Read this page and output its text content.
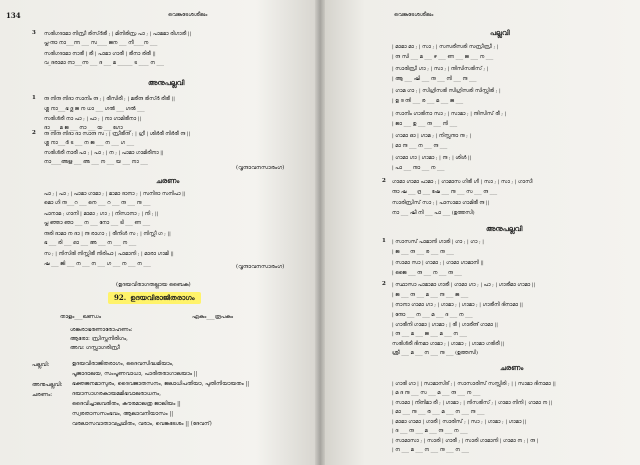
134	വെങ്കടേശശീലം
3 സരിഗദാമാ നിസ്രീ രിസ്ർരീ ; | മിനിരിസ്ര പാ ; | പാമമാ രിഗാരീ ||
പ്ല-ന്ദാ നാ___ന്ന ___ സ____ ജന ___ നീ____ന ___
സരിഗദാമാ നാരീ | രീ | പാമാ ഗാരീ | രീനാ രിരീ ||
വ_ദരാമാ നാ___ന്ന ___ ദ ___ മ ______ ട ____ ന ___
അനുപല്ലവി
1 ന്ദ നിന്ദ നിദാ സാനിം ന്ദ ; | രീസിരീ ; | മരീന്ദ രിസ്ർ രീരീ ||
ശ്ല നാ___ഭ ദ്ല ജ ന ധാ ___ ഗൽ ___ ഗൽ ___
സരിൾരീ നാ പാ ; | പാ ; | നാ ഗാമിരീനാ ||
ദാ____മ ജ ___ നാ ___ യ ___ ഗോ ___
2 ന്ദ നിന്ദ നിദാ ദാ സാന്ദ സ ; | സ്രീരീന്ദ് ; | ഗ്രീ | ശിർരീ നിർരീ ന്ദ ||
ശ്ല നാ___ർ ട ___ ന ജ ___ ന ___ ഗ ___
സരിൾരീ നാരീ പാ ; | പാ ; | ന ; | പാമാ ഗാമിരീനാ ||
നാ____അഋ ___ അ ___ ന ___ യ ___ നാ ___
(വൃന്ദാവനസാരംഗ)
ചരണം
പാ ; | പാ ; | പാമാ ഗാമാ ; | മാമാ ദാനാ ; | സനിദാ സനിപാ ||
മൊ ഗി ന്ദ___റ ___ നെ ___ റ ___ ന്ദ ___ ന്ദ ___
പാനാമ ; ഗാനി | മാമാ ; ഗാ ; | നിസാനാ ; | നി ; ||
പ്ല ഞ്ഞാ ഞാ ___ ന ___ നോ ___ ടി ___ ണ ___
ന്ദരി ദാമാ ന ദാ | ന്ദ രാഗാ ; | രീനിൾ സ ; | നിസ്സീ ഗ ; ||
ഭ ___ രി ___ ഓ ___ അ ___ ന ___ ന ___
സ ; | നിസിരി നിസ്സിരീ നിരിപാ | പാമാനി ; | മാരാ ഗാമി ||
ഷ ___ ജി ___ ന ___ ന ___ ഗ ___ ന ___ ന ___	(വൃന്ദാവനസാരംഗ)
(ഉദയവിരാഗതല്ലായ ബൈക)
92. ഉദയവിരാജിതരാഗം
താളം___ഖണ്ഡം	ഏകം___രൂപകം
ശങ്കരാഭരണാരോഹണം:
ആരോ: സ്രിസ്നനിരിഗം,
അവ: ഗസ്സാഗരിസ്രീ
പല്ലവി:	ഉദയവിരാജിതരാഗം, ദൈവസിദ്ധമിയാം,
പൂജാദാലയ, സംപൂണവാധാ, പാരിതരാഗാലയാം ||
അനുപല്ലവി: ഭക്തജനമാസുരം, ദൈവജാതസനം, ജലാധിപതിയാ, പുതിനിയായതം ||
ചരണം:	ദയാസാഗരകായമമിഭവാലരാധനം,
ദൈവിച്ചാലവരിതം, കൗരമാലത്ര ജാലിയം ||
സ്വരതാസസംഭവം, ആലാവനിയാസം ||
വരലാസവാതാവപ്രഥിതം, വരാം, വെങ്കടേശം || (ദേവന്)
വെങ്കടേശശീലം
പല്ലവി
| മാമാ മാ ; | സാ ; | സസരീസരി സസ്രീസ്രീ ; |
| ന്ദ സി ___ മ ___ ഴ ___ ണ ___ ജ ___ ന ___
| സാരിസ്രീ ഗാ ; | സാ ; | ന്ദിസിസരിസ് ; |
| ആ ___ ഷി ___ ന്ദ ___ നി ___ ന്ദ ___
| ഗാമ ഗാ ; | സിഗ്രിസരി സിഗ്രിസരി സിസ്സിരി ; |
| ഉ ദ ന്ദി ___ ര ___ മ ___ ജ ___
| സാനിം ഗാരിനാ സാ ; | സാമാ ; | ന്ദിസിസ് രീ ; |
| ജാ ___ ഉ ___ ന്ദ ___ നി ___
| ഗാമാ ഓ | ഗാമ ; | നിസ്സന്ദാ ന്ദ ; |
| മാ ന്ദ ___ ന ___ ന്ദ ___
| ഗാമാ ഗാ | ഗാമാ ; | ന്ദ ; | ശിൾ ||
| പാ ___ ന്ദാ ___ ന ___
2 ഗാമാ ഗാമാ പാമാ ; | ഗാമാസ ഗിരീ ഗീ | സാ ; | സാ ; | ഗാസീ
ന്ദാ ഷ ___ ദ്ര ___ ഷേ ___ ന്ദ ___ സ ___ ന്ദ ___
സാരിസ്രിസ് സാ ; | പാസാമാ ഗാമിരീ ന്ദ ||
നാ ___ ഷീ നി ___ പാ ___ (ഉത്തസി)
അനുപല്ലവി
1 | സാസസ് പാമാനി ഗാരി | ഗാ ; | ഗാ ; |
| ജ ___ ന്ദ ___ ര ___ ന്ദ ___
| സാമാ സാ | ഗാമാ ; | ഗാമാ ഗാമാനി ||
| ജൈ ___ ന്ദ ___ ന ___ ന്ദ ___
2 | സ്ഥാസാ പാമാമാ ഗാരീ | ഗാമാ ഗാ ; | പാ ; | ഗാരീമാ ഗാമാ ||
| ജ ___ ന്ദ ___ മ ___ ന്ദ ___ ജ ___
| നാനാ ഗാമാ ഗാ ; | ഗാമാ ; | ഗാമാ ; | ഗാരീനി ദിനാമാ ||
| ന്ദോ ___ ന ___ മ ___ ദ ___ ന ___
| ഗാരീനി ഗാമാ | ഗാമാ ; | രീ | ഗാരീന്ദ് ഗാമാ ||
| ന്ദ ___ മ ___ ജ ___ മ ___ ന ___
സരിൾരീ ദിനമാ ഗാമാ ; | ഗാമാ ; | ഗാമാ ഗരിരീ ||
ശ്രീ ___ മ ___ ന ___ ന്ദ ___ (ഉത്തസി)
ചരണം
| ഗാരി ഗാ | | സാമാസിദ് ; | സാസാരിസ് സസ്സിരി ; | | സാമാ ദിനാമാ ||
| മ ദ ന്ദ ___ സ ___ മ ___ ന്ദ ___ ന ___
| സാമാ | നിനിമാ രീ ; | ഗാമാ ; | നിസരിസ് ; | ഗാമാ നിനി | ഗാമാ ന ||
| മാ ___ ന്ദ ___ ര ___ മ ___ ന ___ ന്ദ ___
| മാമാ ഗാമാ | ഗാരീ | സാരിസ് ; | സാ ; | ഗാമാ ; | ഗാമാ ||
| ദ ___ ന്ദ ___ മ ___ ന്ദ ___ ന ___
| സാമാസാ ; | സാരി | ഗാരീ ; | സാരി ഗാമാനി | ഗാമാ ന ; | ന്ദ |
| ന ___ മ ___ ന ___ ന്ദ ___ ന ___
